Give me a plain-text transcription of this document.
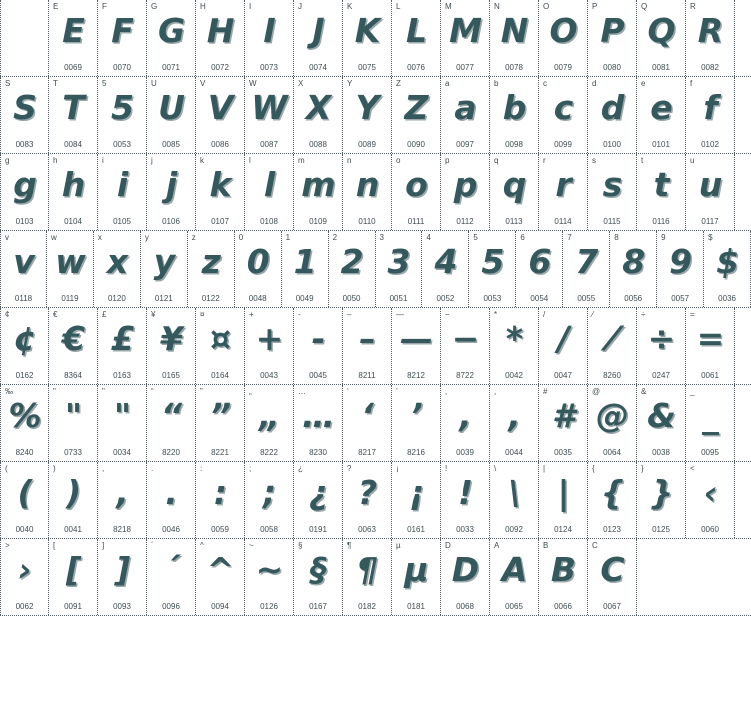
E
E
0069
F
F
0070
G
G
0071
H
H
0072
I
I
0073
J
J
0074
K
K
0075
L
L
0076
M
M
0077
N
N
0078
O
O
0079
P
P
0080
Q
Q
0081
R
R
0082
S
S
0083
T
T
0084
5
5
0053
U
U
0085
V
V
0086
W
W
0087
X
X
0088
Y
Y
0089
Z
Z
0090
a
a
0097
b
b
0098
c
c
0099
d
d
0100
e
e
0101
f
f
0102
g
g
0103
h
h
0104
i
i
0105
j
j
0106
k
k
0107
l
l
0108
m
m
0109
n
n
0110
o
o
0111
p
p
0112
q
q
0113
r
r
0114
s
s
0115
t
t
0116
u
u
0117
v
v
0118
w
w
0119
x
x
0120
y
y
0121
z
z
0122
0
0
0048
1
1
0049
2
2
0050
3
3
0051
4
4
0052
5
5
0053
6
6
0054
7
7
0055
8
8
0056
9
9
0057
$
$
0036
¢
¢
0162
€
€
8364
£
£
0163
¥
¥
0165
¤
¤
0164
+
+
0043
-
-
0045
–
–
8211
—
—
8212
−
−
8722
*
*
0042
/
/
0047
⁄
⁄
8260
÷
÷
0247
=
=
0061
‰
%
8240
"
"
0733
"
"
0034
“
“
8220
”
”
8221
„
„
8222
…
…
8230
‘
‘
8217
’
’
8216
,
,
0039
,
,
0044
#
#
0035
@
@
0064
&
&
0038
_
_
0095
(
(
0040
)
)
0041
,
,
8218
.
.
0046
:
:
0059
;
;
0058
¿
¿
0191
?
?
0063
¡
¡
0161
!
!
0033
\
\
0092
|
|
0124
{
{
0123
}
}
0125
<
‹
0060
>
›
0062
[
[
0091
]
]
0093
´
´
0096
^
^
0094
~
~
0126
§
§
0167
¶
¶
0182
µ
µ
0181
D
D
0068
A
A
0065
B
B
0066
C
C
0067
